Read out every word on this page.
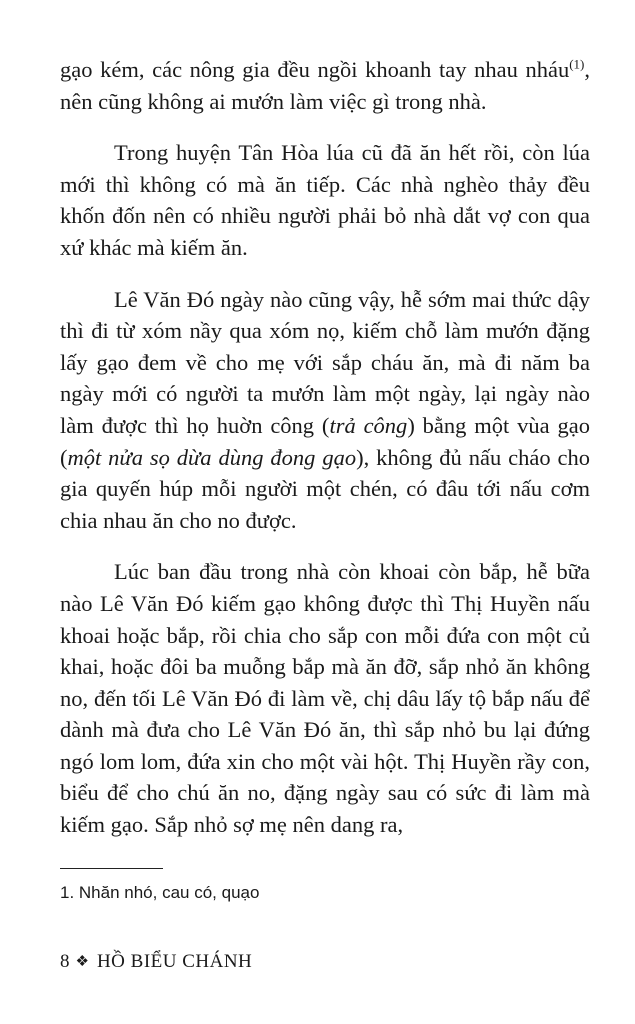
gạo kém, các nông gia đều ngồi khoanh tay nhau nháu$^{(1)}$, nên cũng không ai mướn làm việc gì trong nhà.

Trong huyện Tân Hòa lúa cũ đã ăn hết rồi, còn lúa mới thì không có mà ăn tiếp. Các nhà nghèo thảy đều khốn đốn nên có nhiều người phải bỏ nhà dắt vợ con qua xứ khác mà kiếm ăn.

Lê Văn Đó ngày nào cũng vậy, hễ sớm mai thức dậy thì đi từ xóm nầy qua xóm nọ, kiếm chỗ làm mướn đặng lấy gạo đem về cho mẹ với sắp cháu ăn, mà đi năm ba ngày mới có người ta mướn làm một ngày, lại ngày nào làm được thì họ huờn công (trả công) bằng một vùa gạo (một nửa sọ dừa dùng đong gạo), không đủ nấu cháo cho gia quyến húp mỗi người một chén, có đâu tới nấu cơm chia nhau ăn cho no được.

Lúc ban đầu trong nhà còn khoai còn bắp, hễ bữa nào Lê Văn Đó kiếm gạo không được thì Thị Huyền nấu khoai hoặc bắp, rồi chia cho sắp con mỗi đứa con một củ khai, hoặc đôi ba muỗng bắp mà ăn đỡ, sắp nhỏ ăn không no, đến tối Lê Văn Đó đi làm về, chị dâu lấy tộ bắp nấu để dành mà đưa cho Lê Văn Đó ăn, thì sắp nhỏ bu lại đứng ngó lom lom, đứa xin cho một vài hột. Thị Huyền rầy con, biểu để cho chú ăn no, đặng ngày sau có sức đi làm mà kiếm gạo. Sắp nhỏ sợ mẹ nên dang ra,

1. Nhăn nhó, cau có, quạo
8 ❖ HỒ BIỂU CHÁNH
